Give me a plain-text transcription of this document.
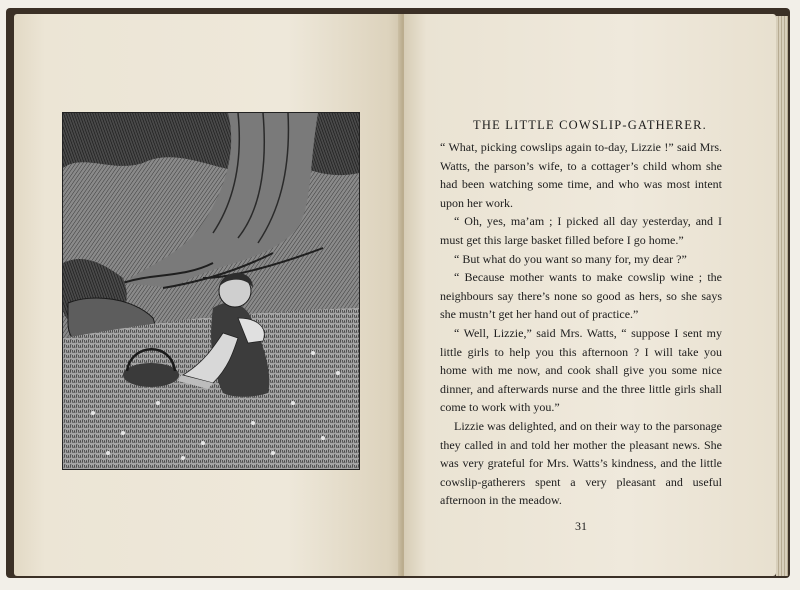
THE LITTLE COWSLIP-GATHERER.

“ What, picking cowslips again to-day, Lizzie !” said Mrs. Watts, the parson’s wife, to a cottager’s child whom she had been watching some time, and who was most intent upon her work.

“ Oh, yes, ma’am ; I picked all day yesterday, and I must get this large basket filled before I go home.”

“ But what do you want so many for, my dear ?”

“ Because mother wants to make cowslip wine ; the neighbours say there’s none so good as hers, so she says she mustn’t get her hand out of practice.”

“ Well, Lizzie,” said Mrs. Watts, “ suppose I sent my little girls to help you this afternoon ? I will take you home with me now, and cook shall give you some nice dinner, and afterwards nurse and the three little girls shall come to work with you.”

Lizzie was delighted, and on their way to the parsonage they called in and told her mother the pleasant news. She was very grateful for Mrs. Watts’s kindness, and the little cowslip-gatherers spent a very pleasant and useful afternoon in the meadow.

31
